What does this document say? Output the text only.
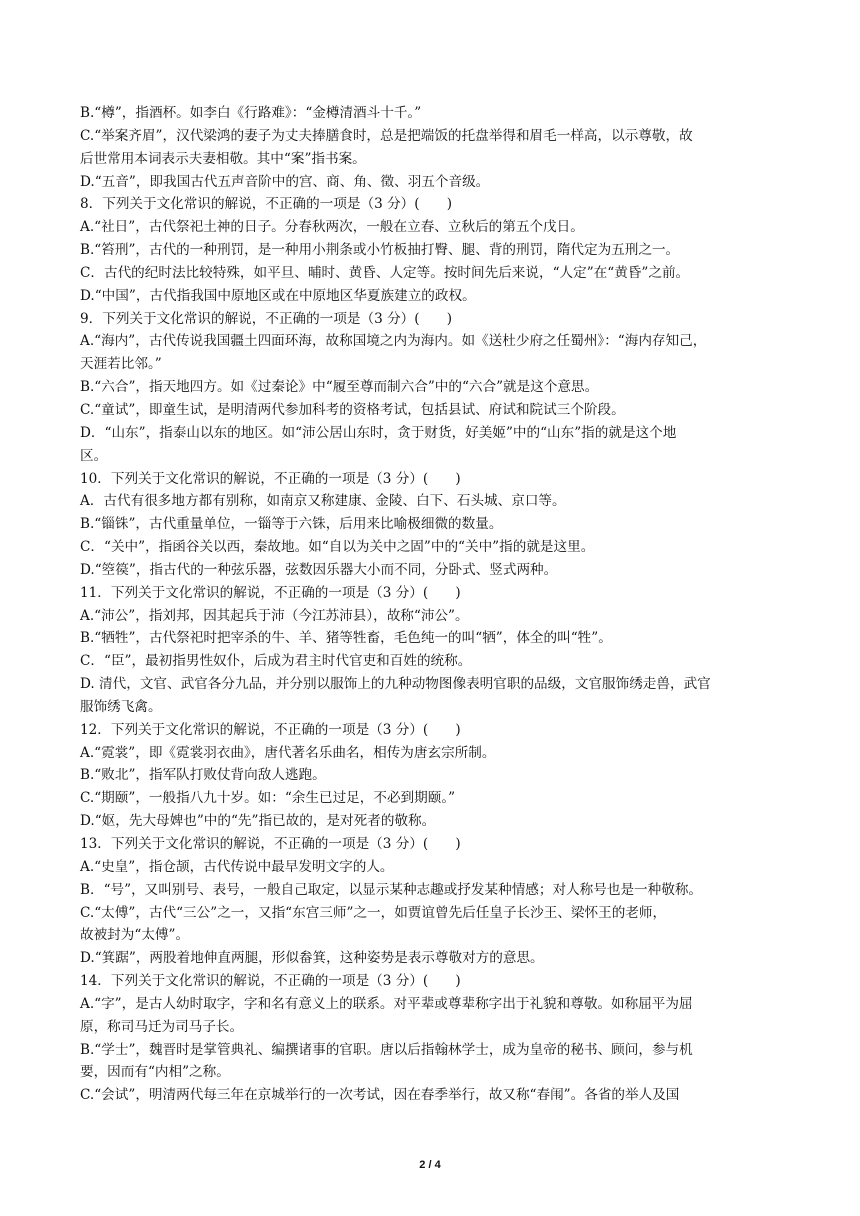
B.“樽”，指酒杯。如李白《行路难》：“金樽清酒斗十千。”
C.“举案齐眉”，汉代梁鸿的妻子为丈夫捧膳食时，总是把端饭的托盘举得和眉毛一样高，以示尊敬，故
后世常用本词表示夫妻相敬。其中“案”指书案。
D.“五音”，即我国古代五声音阶中的宫、商、角、徵、羽五个音级。
8．下列关于文化常识的解说，不正确的一项是（3 分）(　　)
A.“社日”，古代祭祀土神的日子。分春秋两次，一般在立春、立秋后的第五个戊日。
B.“笞刑”，古代的一种刑罚，是一种用小荆条或小竹板抽打臀、腿、背的刑罚，隋代定为五刑之一。
C．古代的纪时法比较特殊，如平旦、晡时、黄昏、人定等。按时间先后来说，“人定”在“黄昏”之前。
D.“中国”，古代指我国中原地区或在中原地区华夏族建立的政权。
9．下列关于文化常识的解说，不正确的一项是（3 分）(　　)
A.“海内”，古代传说我国疆土四面环海，故称国境之内为海内。如《送杜少府之任蜀州》：“海内存知己，
天涯若比邻。”
B.“六合”，指天地四方。如《过秦论》中“履至尊而制六合”中的“六合”就是这个意思。
C.“童试”，即童生试，是明清两代参加科考的资格考试，包括县试、府试和院试三个阶段。
D．“山东”，指泰山以东的地区。如“沛公居山东时，贪于财货，好美姬”中的“山东”指的就是这个地
区。
10．下列关于文化常识的解说，不正确的一项是（3 分）(　　)
A．古代有很多地方都有别称，如南京又称建康、金陵、白下、石头城、京口等。
B.“锱铢”，古代重量单位，一锱等于六铢，后用来比喻极细微的数量。
C．“关中”，指函谷关以西，秦故地。如“自以为关中之固”中的“关中”指的就是这里。
D.“箜篌”，指古代的一种弦乐器，弦数因乐器大小而不同，分卧式、竖式两种。
11．下列关于文化常识的解说，不正确的一项是（3 分）(　　)
A.“沛公”，指刘邦，因其起兵于沛（今江苏沛县），故称“沛公”。
B.“牺牲”，古代祭祀时把宰杀的牛、羊、猪等牲畜，毛色纯一的叫“牺”，体全的叫“牲”。
C．“臣”，最初指男性奴仆，后成为君主时代官吏和百姓的统称。
D. 清代，文官、武官各分九品，并分别以服饰上的九种动物图像表明官职的品级，文官服饰绣走兽，武官
服饰绣飞禽。
12．下列关于文化常识的解说，不正确的一项是（3 分）(　　)
A.“霓裳”，即《霓裳羽衣曲》，唐代著名乐曲名，相传为唐玄宗所制。
B.“败北”，指军队打败仗背向敌人逃跑。
C.“期颐”，一般指八九十岁。如：“余生已过足，不必到期颐。”
D.“妪，先大母婢也”中的“先”指已故的，是对死者的敬称。
13．下列关于文化常识的解说，不正确的一项是（3 分）(　　)
A.“史皇”，指仓颉，古代传说中最早发明文字的人。
B．“号”，又叫别号、表号，一般自己取定，以显示某种志趣或抒发某种情感；对人称号也是一种敬称。
C.“太傅”，古代“三公”之一，又指“东宫三师”之一，如贾谊曾先后任皇子长沙王、梁怀王的老师，
故被封为“太傅”。
D.“箕踞”，两股着地伸直两腿，形似畚箕，这种姿势是表示尊敬对方的意思。
14．下列关于文化常识的解说，不正确的一项是（3 分）(　　)
A.“字”，是古人幼时取字，字和名有意义上的联系。对平辈或尊辈称字出于礼貌和尊敬。如称屈平为屈
原，称司马迁为司马子长。
B.“学士”，魏晋时是掌管典礼、编撰诸事的官职。唐以后指翰林学士，成为皇帝的秘书、顾问，参与机
要，因而有“内相”之称。
C.“会试”，明清两代每三年在京城举行的一次考试，因在春季举行，故又称“春闱”。各省的举人及国
2 / 4
